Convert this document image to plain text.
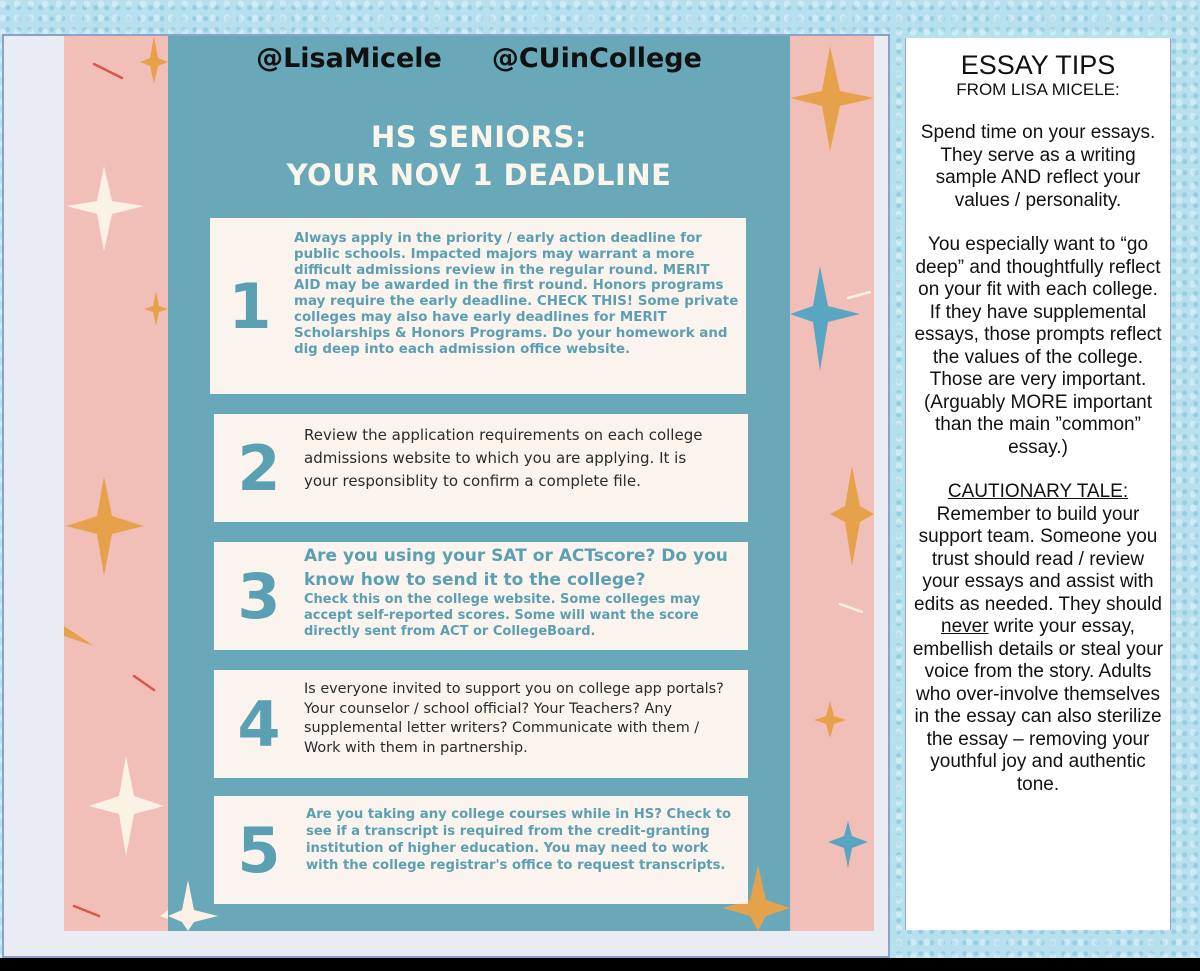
@LisaMicele @CUinCollege
HS SENIORS:
YOUR NOV 1 DEADLINE
1
Always apply in the priority / early action deadline for public schools. Impacted majors may warrant a more difficult admissions review in the regular round. MERIT AID may be awarded in the first round. Honors programs may require the early deadline. CHECK THIS! Some private colleges may also have early deadlines for MERIT Scholarships & Honors Programs. Do your homework and dig deep into each admission office website.
2	Review the application requirements on each college admissions website to which you are applying. It is your responsiblity to confirm a complete file.
3
Are you using your SAT or ACTscore? Do you know how to send it to the college?
Check this on the college website. Some colleges may accept self-reported scores. Some will want the score directly sent from ACT or CollegeBoard.
4	Is everyone invited to support you on college app portals? Your counselor / school official? Your Teachers? Any supplemental letter writers? Communicate with them / Work with them in partnership.
5	Are you taking any college courses while in HS? Check to see if a transcript is required from the credit-granting institution of higher education. You may need to work with the college registrar's office to request transcripts.
ESSAY TIPS
FROM LISA MICELE:
Spend time on your essays. They serve as a writing sample AND reflect your values / personality.
You especially want to “go deep” and thoughtfully reflect on your fit with each college. If they have supplemental essays, those prompts reflect the values of the college. Those are very important. (Arguably MORE important than the main ”common” essay.)
CAUTIONARY TALE:
Remember to build your support team. Someone you trust should read / review your essays and assist with edits as needed. They should never write your essay, embellish details or steal your voice from the story. Adults who over-involve themselves in the essay can also sterilize the essay – removing your youthful joy and authentic tone.
